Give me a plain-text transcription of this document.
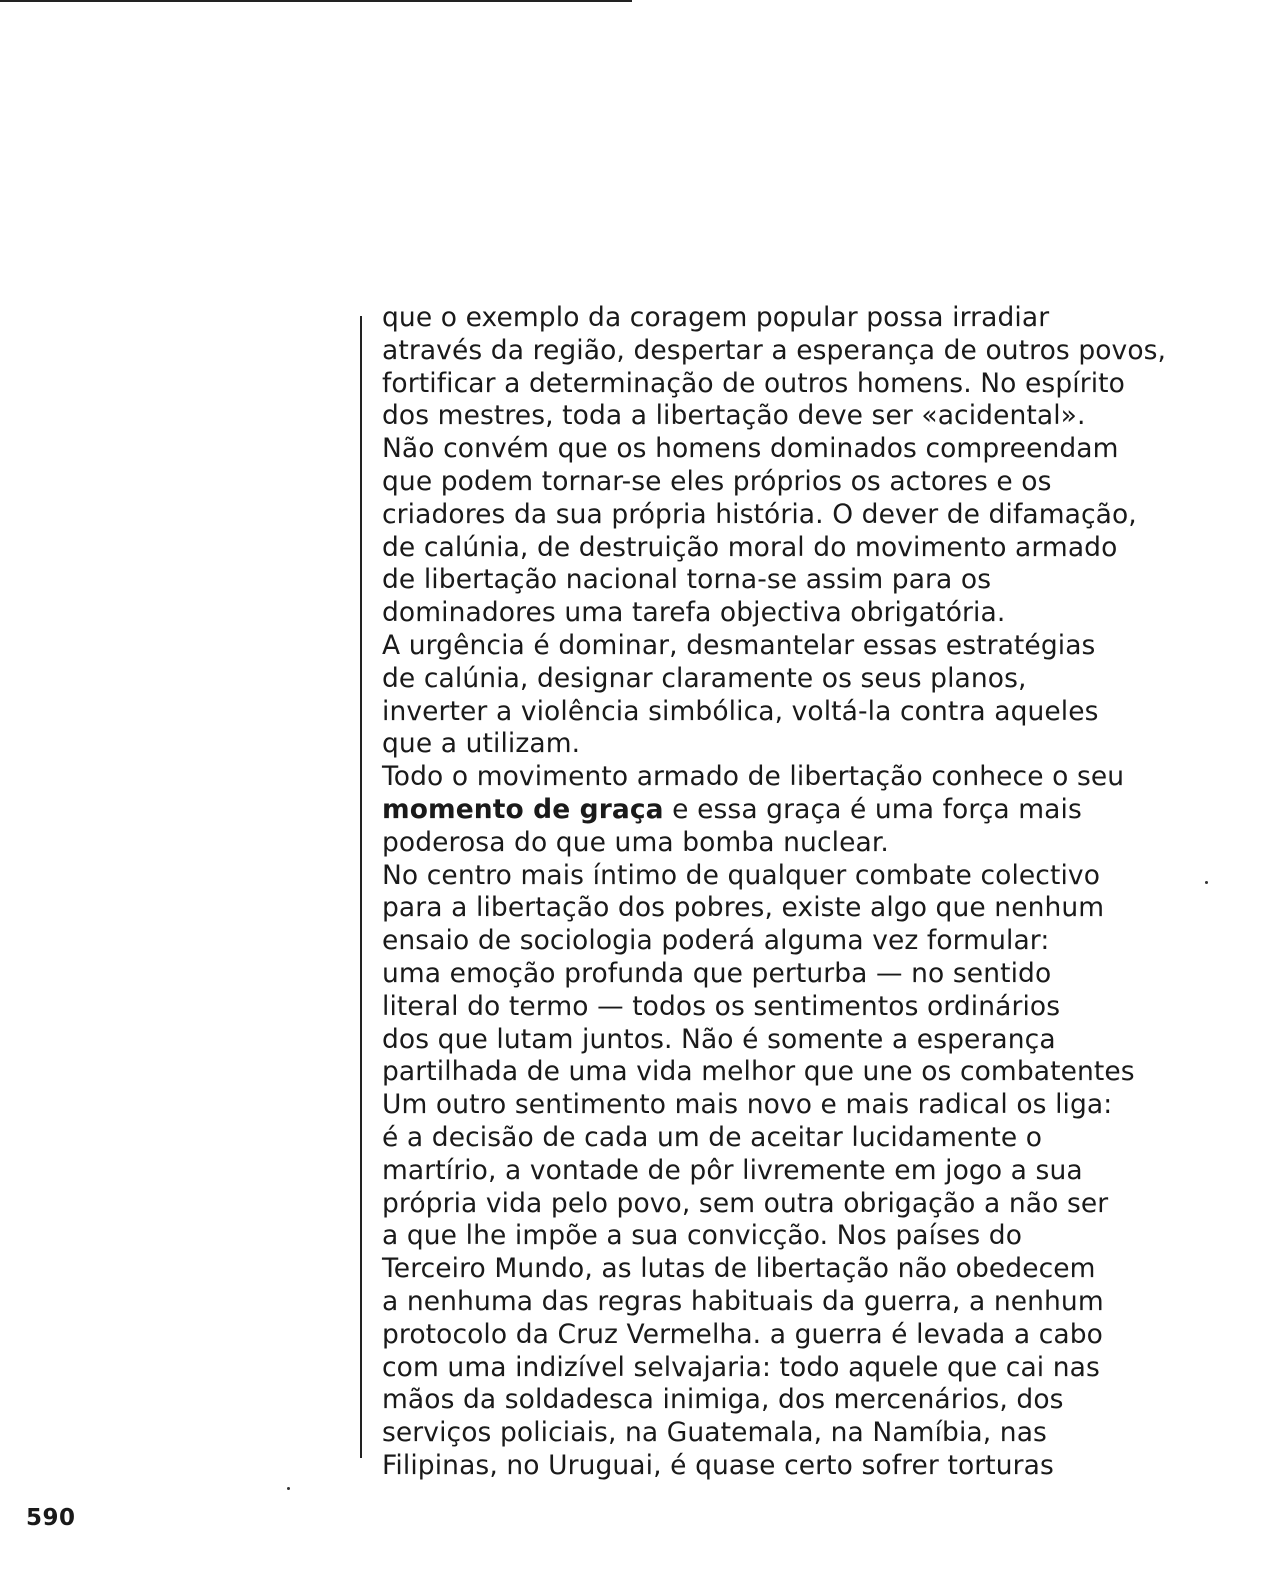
que o exemplo da coragem popular possa irradiar
através da região, despertar a esperança de outros povos,
fortificar a determinação de outros homens. No espírito
dos mestres, toda a libertação deve ser «acidental».
Não convém que os homens dominados compreendam
que podem tornar-se eles próprios os actores e os
criadores da sua própria história. O dever de difamação,
de calúnia, de destruição moral do movimento armado
de libertação nacional torna-se assim para os
dominadores uma tarefa objectiva obrigatória.
A urgência é dominar, desmantelar essas estratégias
de calúnia, designar claramente os seus planos,
inverter a violência simbólica, voltá-la contra aqueles
que a utilizam.
Todo o movimento armado de libertação conhece o seu
momento de graça e essa graça é uma força mais
poderosa do que uma bomba nuclear.
No centro mais íntimo de qualquer combate colectivo
para a libertação dos pobres, existe algo que nenhum
ensaio de sociologia poderá alguma vez formular:
uma emoção profunda que perturba — no sentido
literal do termo — todos os sentimentos ordinários
dos que lutam juntos. Não é somente a esperança
partilhada de uma vida melhor que une os combatentes
Um outro sentimento mais novo e mais radical os liga:
é a decisão de cada um de aceitar lucidamente o
martírio, a vontade de pôr livremente em jogo a sua
própria vida pelo povo, sem outra obrigação a não ser
a que lhe impõe a sua convicção. Nos países do
Terceiro Mundo, as lutas de libertação não obedecem
a nenhuma das regras habituais da guerra, a nenhum
protocolo da Cruz Vermelha. a guerra é levada a cabo
com uma indizível selvajaria: todo aquele que cai nas
mãos da soldadesca inimiga, dos mercenários, dos
serviços policiais, na Guatemala, na Namíbia, nas
Filipinas, no Uruguai, é quase certo sofrer torturas
590
